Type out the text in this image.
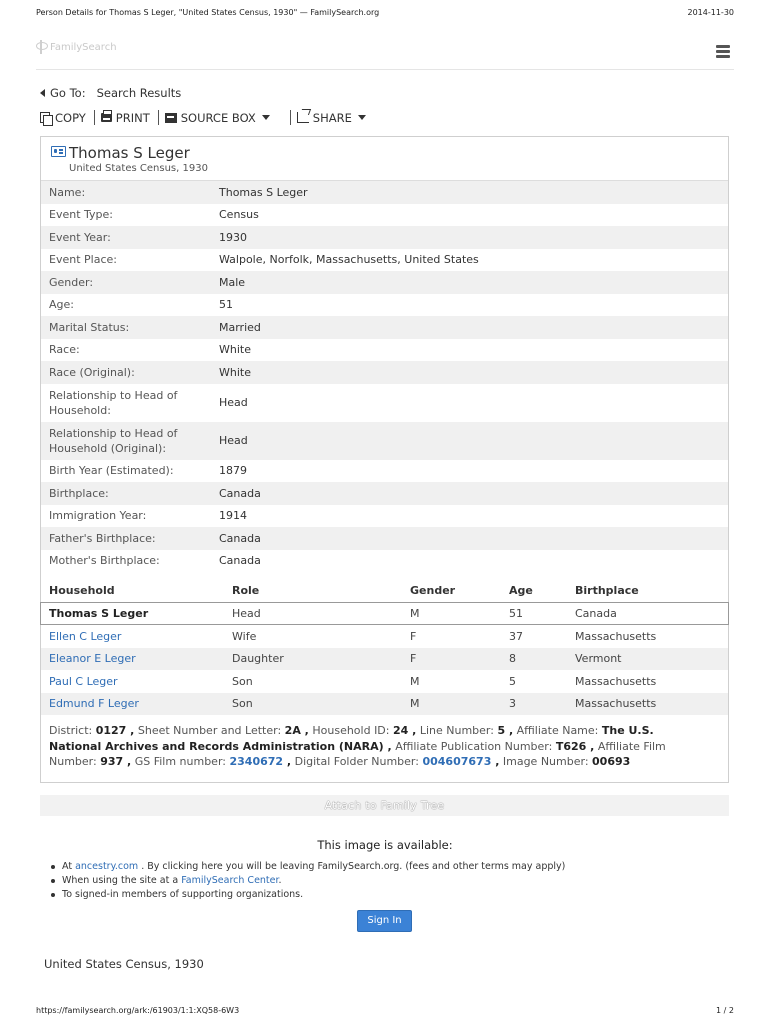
Person Details for Thomas S Leger, "United States Census, 1930" — FamilySearch.org	2014-11-30
FamilySearch
Go To: Search Results
COPY	PRINT	SOURCE BOX	SHARE
Thomas S Leger
United States Census, 1930
Name:	Thomas S Leger
Event Type:	Census
Event Year:	1930
Event Place:	Walpole, Norfolk, Massachusetts, United States
Gender:	Male
Age:	51
Marital Status:	Married
Race:	White
Race (Original):	White
Relationship to Head of Household:
Head
Relationship to Head of Household (Original):
Head
Birth Year (Estimated):	1879
Birthplace:	Canada
Immigration Year:	1914
Father's Birthplace:	Canada
Mother's Birthplace:	Canada
Household	Role	Gender	Age	Birthplace
Thomas S Leger	Head	M	51	Canada
Ellen C Leger	Wife	F	37	Massachusetts
Eleanor E Leger	Daughter	F	8	Vermont
Paul C Leger	Son	M	5	Massachusetts
Edmund F Leger	Son	M	3	Massachusetts
District: 0127 , Sheet Number and Letter: 2A , Household ID: 24 , Line Number: 5 , Affiliate Name: The U.S. National Archives and Records Administration (NARA) , Affiliate Publication Number: T626 , Affiliate Film Number: 937 , GS Film number: 2340672 , Digital Folder Number: 004607673 , Image Number: 00693
Attach to Family Tree
This image is available:
At ancestry.com . By clicking here you will be leaving FamilySearch.org. (fees and other terms may apply)
When using the site at a FamilySearch Center.
To signed-in members of supporting organizations.
Sign In
United States Census, 1930
https://familysearch.org/ark:/61903/1:1:XQ58-6W3	1 / 2
